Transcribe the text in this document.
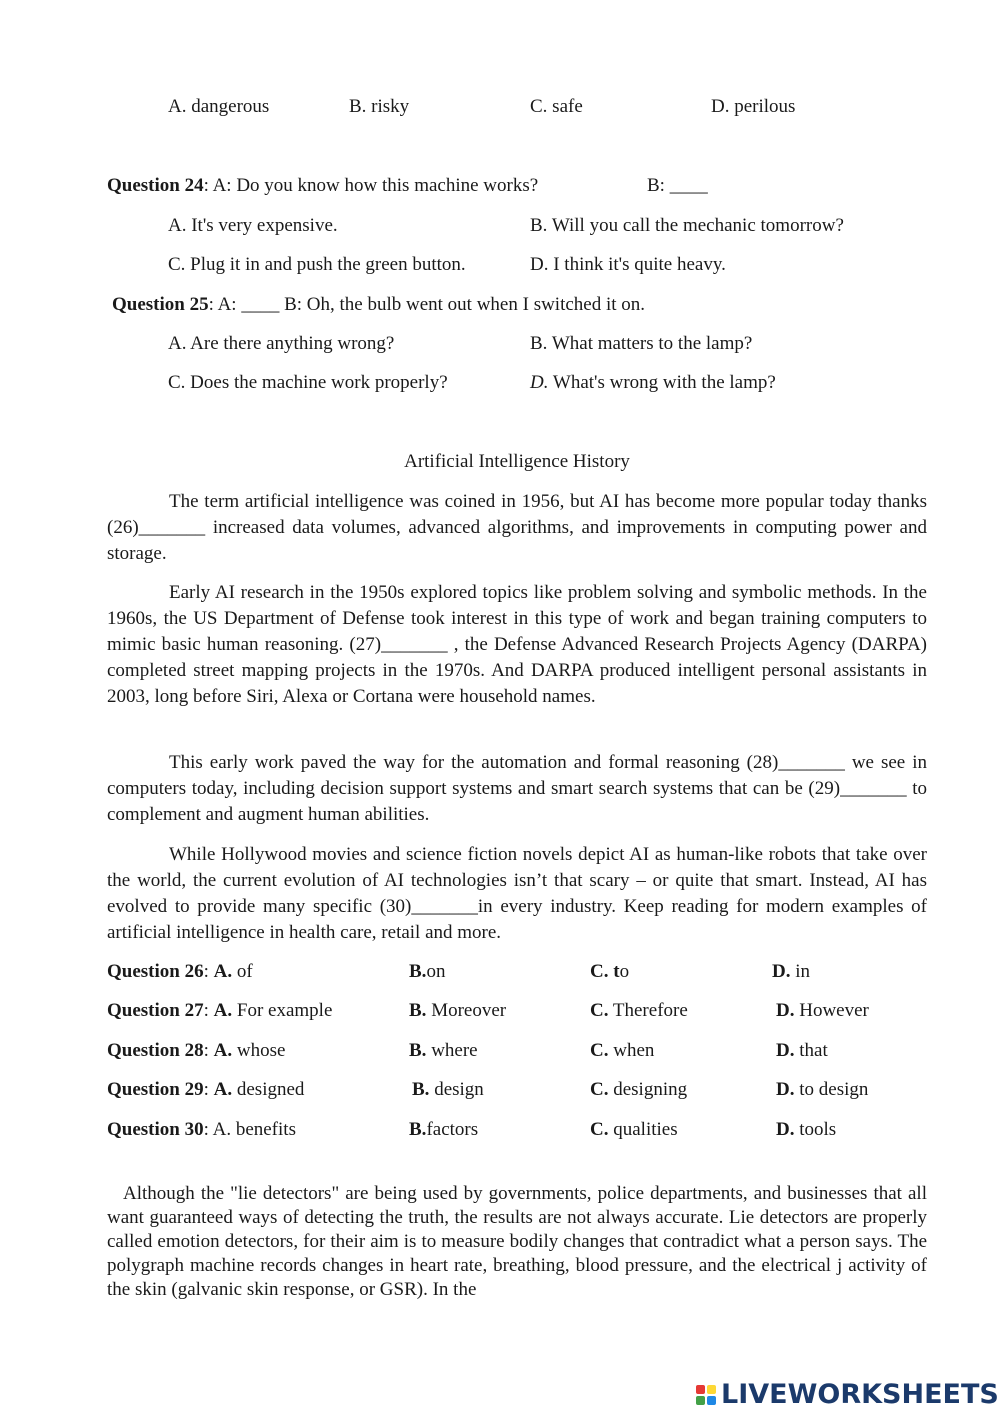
A. dangerous	B. risky	C. safe	D. perilous
Question 24: A: Do you know how this machine works?	B: ____
A. It's very expensive.	B. Will you call the mechanic tomorrow?
C. Plug it in and push the green button.	D. I think it's quite heavy.
Question 25: A: ____ B: Oh, the bulb went out when I switched it on.
A. Are there anything wrong?	B. What matters to the lamp?
C. Does the machine work properly?	D. What's wrong with the lamp?
Artificial Intelligence History
The term artificial intelligence was coined in 1956, but AI has become more popular today thanks (26)_______ increased data volumes, advanced algorithms, and improvements in computing power and storage.
Early AI research in the 1950s explored topics like problem solving and symbolic methods. In the 1960s, the US Department of Defense took interest in this type of work and began training computers to mimic basic human reasoning. (27)_______ , the Defense Advanced Research Projects Agency (DARPA) completed street mapping projects in the 1970s. And DARPA produced intelligent personal assistants in 2003, long before Siri, Alexa or Cortana were household names.
This early work paved the way for the automation and formal reasoning (28)_______ we see in computers today, including decision support systems and smart search systems that can be (29)_______ to complement and augment human abilities.
While Hollywood movies and science fiction novels depict AI as human-like robots that take over the world, the current evolution of AI technologies isn’t that scary – or quite that smart. Instead, AI has evolved to provide many specific (30)_______in every industry. Keep reading for modern examples of artificial intelligence in health care, retail and more.
Question 26: A. of	B.on	C. to	D. in
Question 27: A. For example	B. Moreover	C. Therefore	D. However
Question 28: A. whose	B. where	C. when	D. that
Question 29: A. designed	B. design	C. designing	D. to design
Question 30: A. benefits	B.factors	C. qualities	D. tools
Although the "lie detectors" are being used by governments, police departments, and businesses that all want guaranteed ways of detecting the truth, the results are not always accurate. Lie detectors are properly called emotion detectors, for their aim is to measure bodily changes that contradict what a person says. The polygraph machine records changes in heart rate, breathing, blood pressure, and the electrical j activity of the skin (galvanic skin response, or GSR). In the
LIVEWORKSHEETS
